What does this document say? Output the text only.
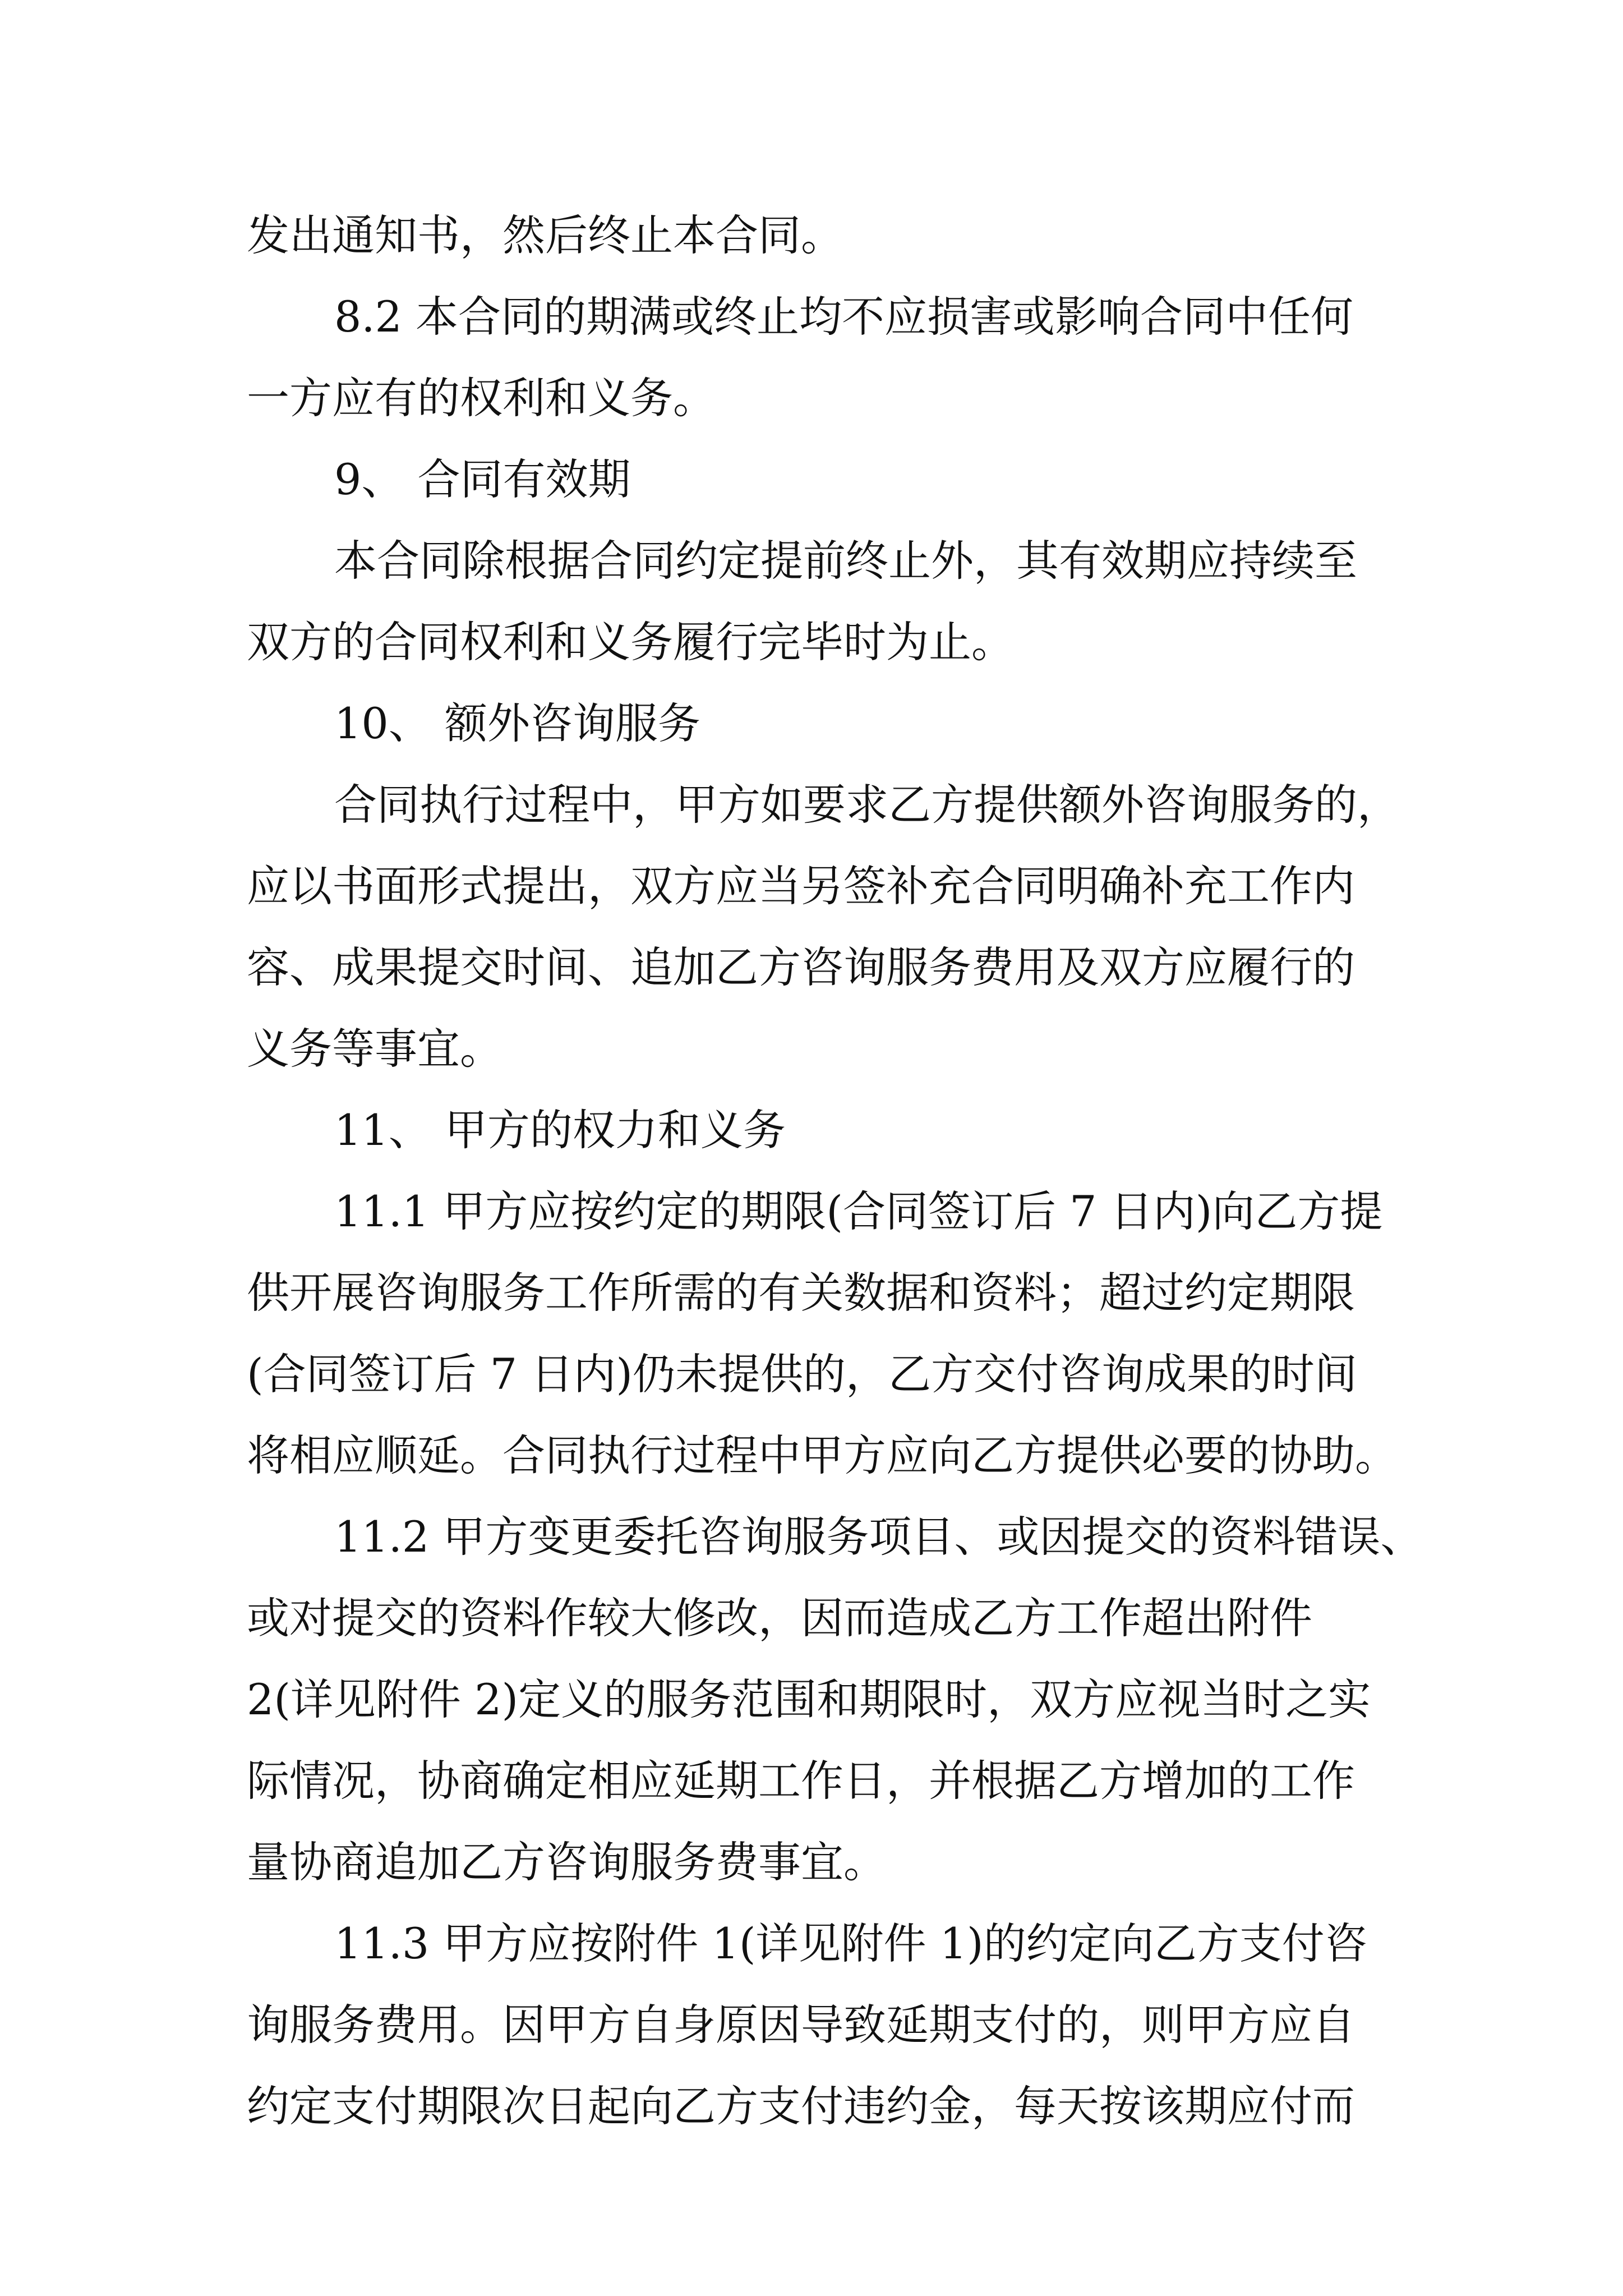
发出通知书，然后终止本合同。
8.2 本合同的期满或终止均不应损害或影响合同中任何
一方应有的权利和义务。
9、 合同有效期
本合同除根据合同约定提前终止外，其有效期应持续至
双方的合同权利和义务履行完毕时为止。
10、 额外咨询服务
合同执行过程中，甲方如要求乙方提供额外咨询服务的，
应以书面形式提出，双方应当另签补充合同明确补充工作内
容、成果提交时间、追加乙方咨询服务费用及双方应履行的
义务等事宜。
11、 甲方的权力和义务
11.1 甲方应按约定的期限(合同签订后 7 日内)向乙方提
供开展咨询服务工作所需的有关数据和资料；超过约定期限
(合同签订后 7 日内)仍未提供的，乙方交付咨询成果的时间
将相应顺延。合同执行过程中甲方应向乙方提供必要的协助。
11.2 甲方变更委托咨询服务项目、或因提交的资料错误、
或对提交的资料作较大修改，因而造成乙方工作超出附件
2(详见附件 2)定义的服务范围和期限时，双方应视当时之实
际情况，协商确定相应延期工作日，并根据乙方增加的工作
量协商追加乙方咨询服务费事宜。
11.3 甲方应按附件 1(详见附件 1)的约定向乙方支付咨
询服务费用。因甲方自身原因导致延期支付的，则甲方应自
约定支付期限次日起向乙方支付违约金，每天按该期应付而
